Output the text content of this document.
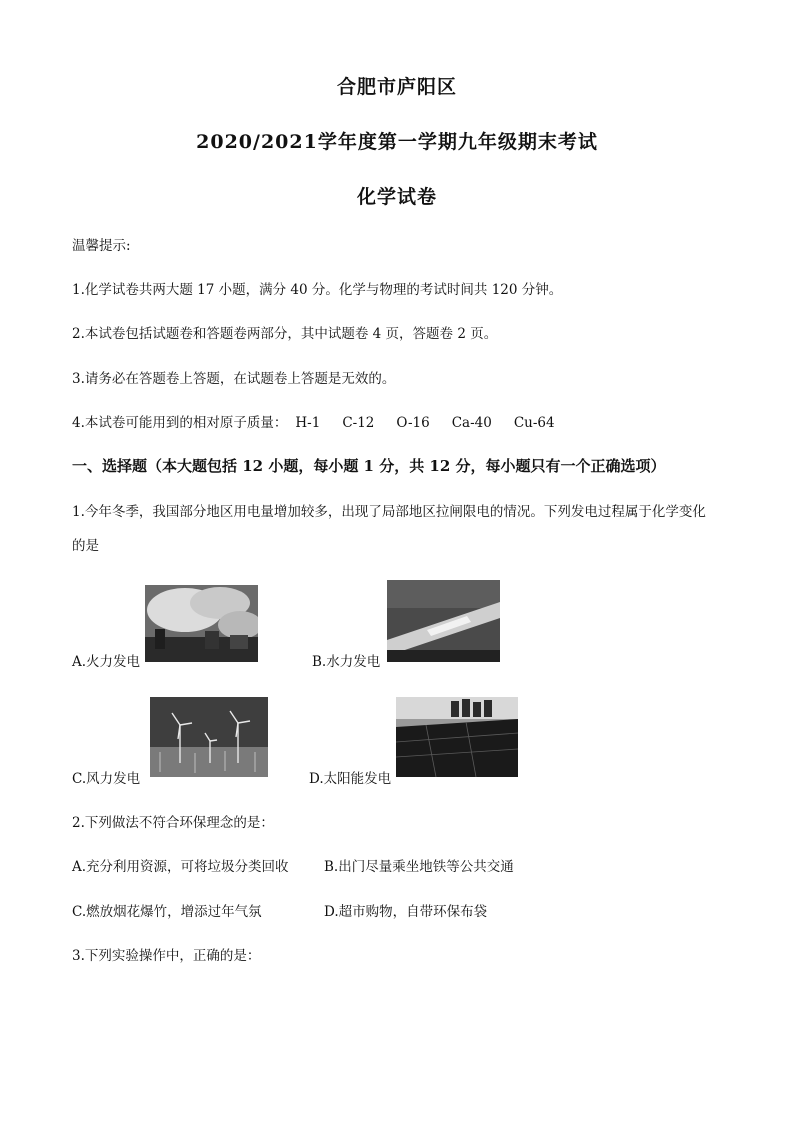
合肥市庐阳区
2020/2021学年度第一学期九年级期末考试
化学试卷
温馨提示:
1.化学试卷共两大题 17 小题，满分 40 分。化学与物理的考试时间共 120 分钟。
2.本试卷包括试题卷和答题卷两部分，其中试题卷 4 页，答题卷 2 页。
3.请务必在答题卷上答题，在试题卷上答题是无效的。
4.本试卷可能用到的相对原子质量： H-1 C-12 O-16 Ca-40 Cu-64
一、选择题（本大题包括 12 小题，每小题 1 分，共 12 分，每小题只有一个正确选项）
1.今年冬季，我国部分地区用电量增加较多，出现了局部地区拉闸限电的情况。下列发电过程属于化学变化
的是
A.火力发电	B.水力发电
C.风力发电	D.太阳能发电
2.下列做法不符合环保理念的是：
A.充分利用资源，可将垃圾分类回收	B.出门尽量乘坐地铁等公共交通
C.燃放烟花爆竹，增添过年气氛	D.超市购物，自带环保布袋
3.下列实验操作中，正确的是：
